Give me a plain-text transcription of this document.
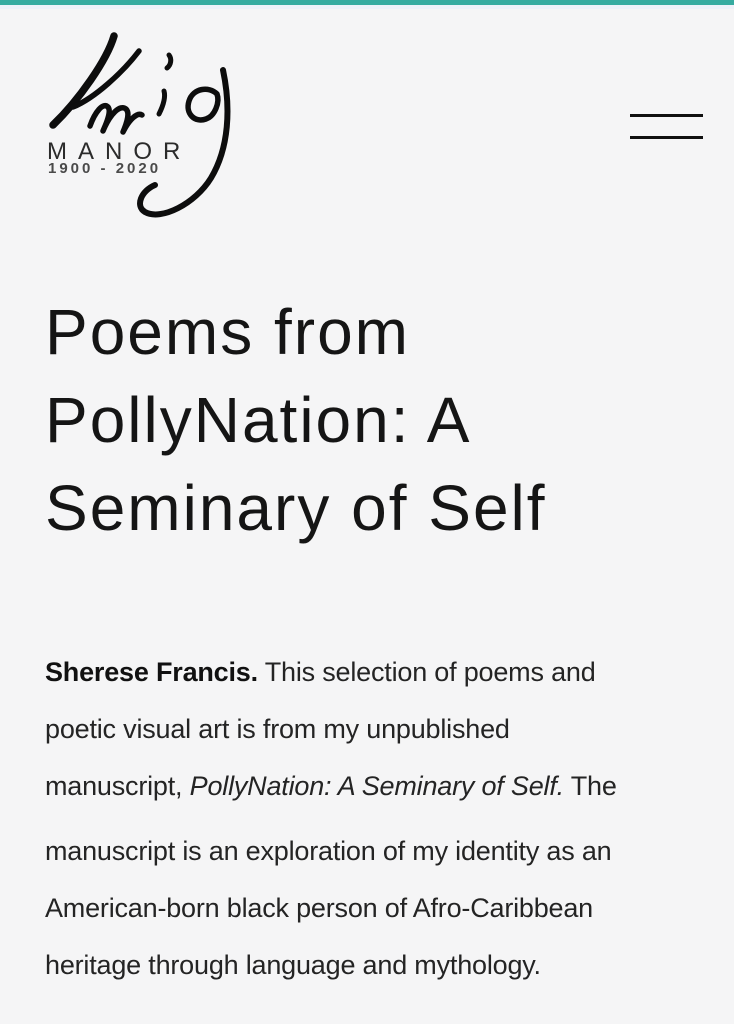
MANOR
1900 - 2020
Poems from
PollyNation: A
Seminary of Self
Sherese Francis. This selection of poems and
poetic visual art is from my unpublished
manuscript, PollyNation: A Seminary of Self. The
manuscript is an exploration of my identity as an
American-born black person of Afro-Caribbean
heritage through language and mythology.
